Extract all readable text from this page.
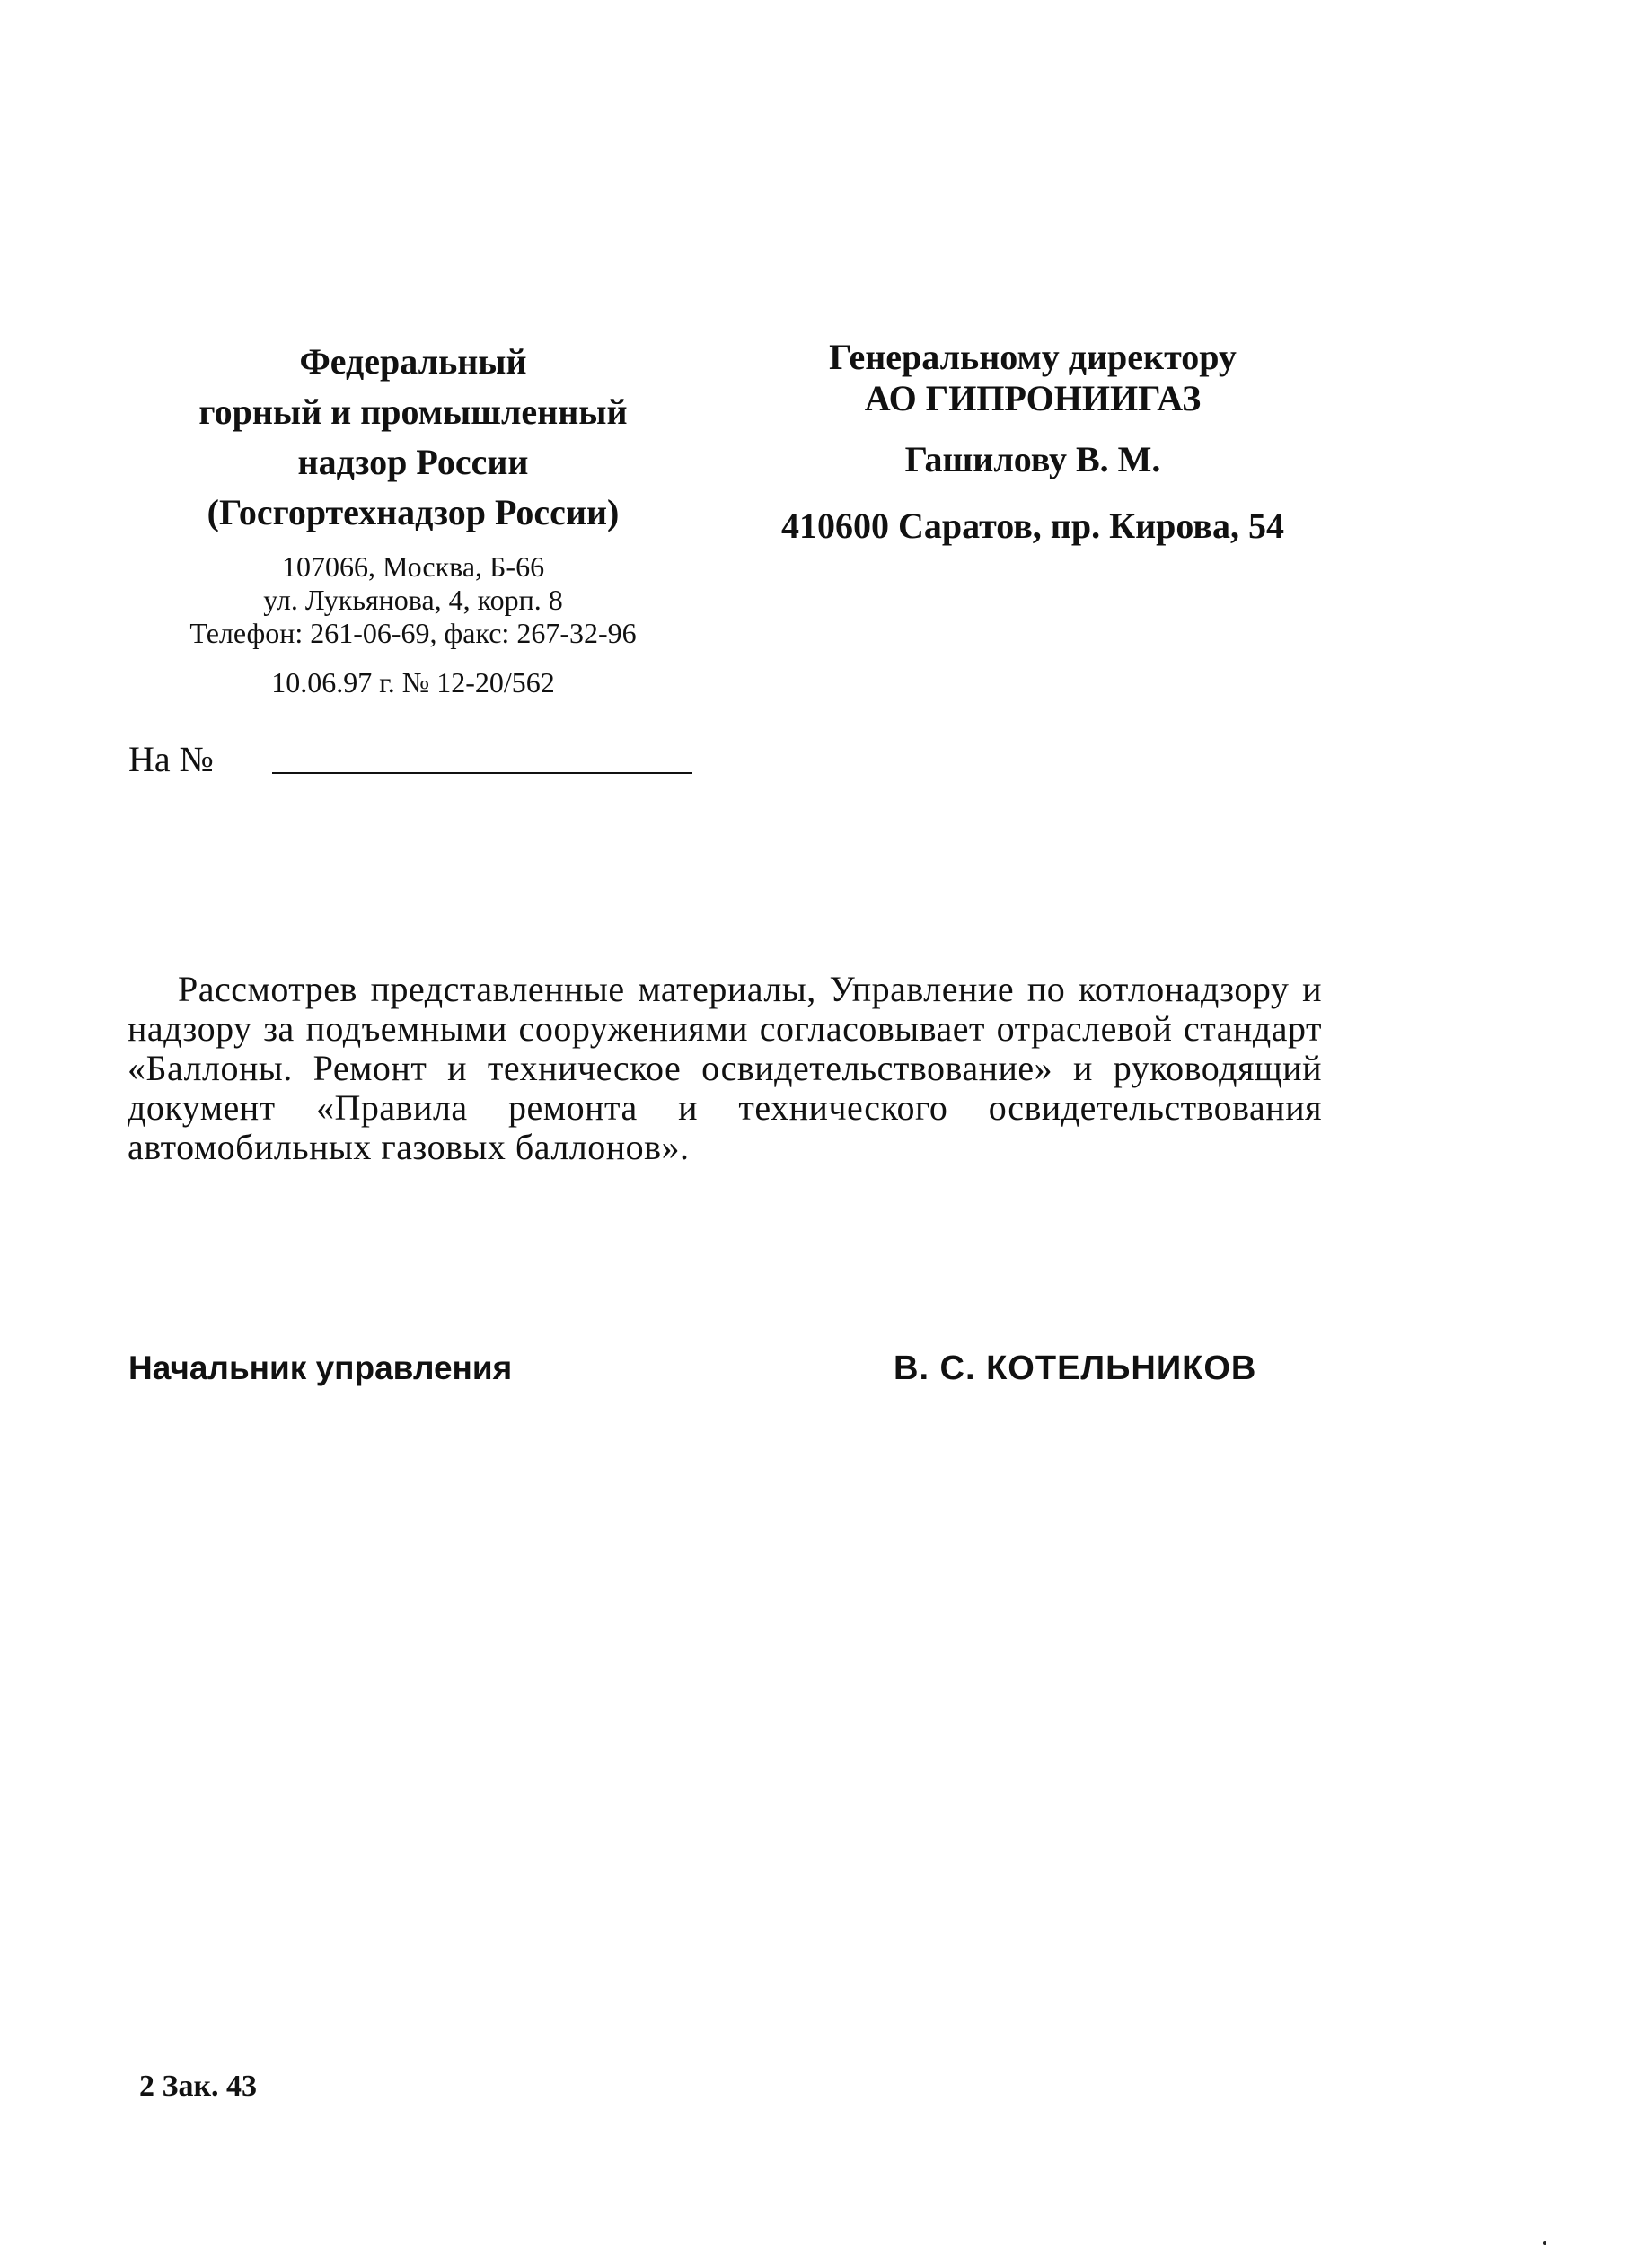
Федеральный
горный и промышленный
надзор России
(Госгортехнадзор России)
107066, Москва, Б-66
ул. Лукьянова, 4, корп. 8
Телефон: 261-06-69, факс: 267-32-96
10.06.97 г. № 12-20/562
На №
Генеральному директору
АО ГИПРОНИИГАЗ
Гашилову В. М.
410600 Саратов, пр. Кирова, 54
Рассмотрев представленные материалы, Управление по котлонадзору и надзору за подъемными сооружениями согласовывает отраслевой стандарт «Баллоны. Ремонт и техническое освидетельствование» и руководящий документ «Правила ремонта и технического освидетельствования автомобильных газовых баллонов».
Начальник управления	В. С. КОТЕЛЬНИКОВ
2 Зак. 43
